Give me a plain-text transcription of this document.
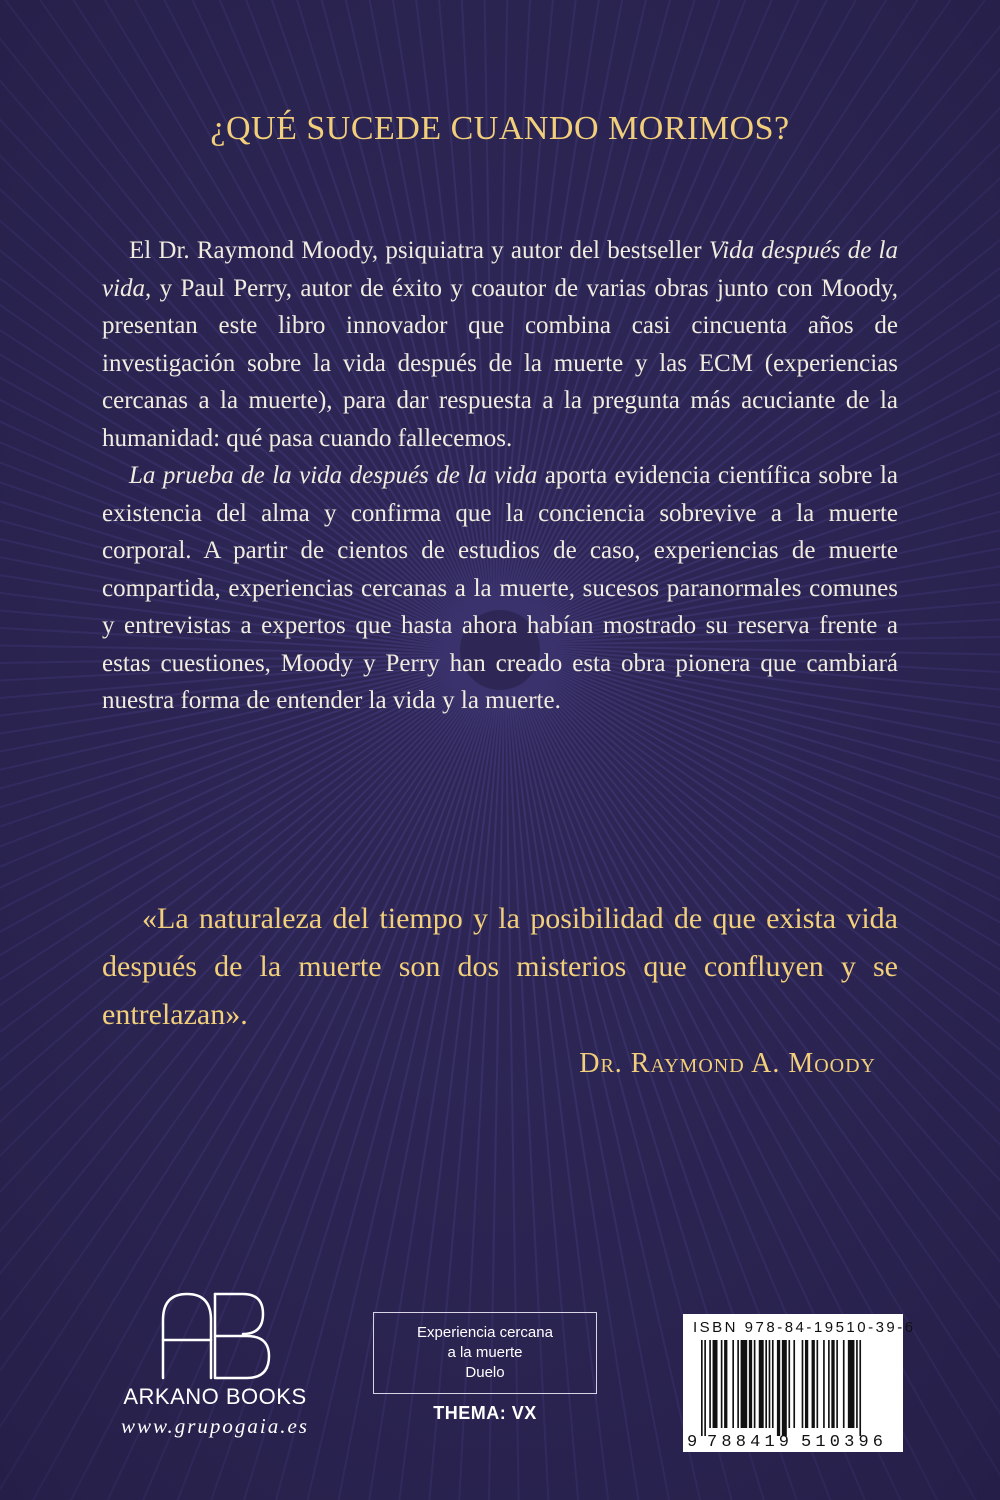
¿QUÉ SUCEDE CUANDO MORIMOS?

El Dr. Raymond Moody, psiquiatra y autor del bestseller Vida después de la vida, y Paul Perry, autor de éxito y coautor de varias obras junto con Moody, presentan este libro innovador que combina casi cincuenta años de investigación sobre la vida después de la muerte y las ECM (experiencias cercanas a la muerte), para dar respuesta a la pregunta más acuciante de la humanidad: qué pasa cuando fallecemos.

La prueba de la vida después de la vida aporta evidencia científica sobre la existencia del alma y confirma que la conciencia sobrevive a la muerte corporal. A partir de cientos de estudios de caso, experiencias de muerte compartida, experiencias cercanas a la muerte, sucesos paranormales comunes y entrevistas a expertos que hasta ahora habían mostrado su reserva frente a estas cuestiones, Moody y Perry han creado esta obra pionera que cambiará nuestra forma de entender la vida y la muerte.

«La naturaleza del tiempo y la posibilidad de que exista vida después de la muerte son dos misterios que confluyen y se entrelazan».

Dr. Raymond A. Moody
ARKANO BOOKS
www.grupogaia.es
Experiencia cercana
a la muerte
Duelo
THEMA: VX
ISBN 978-84-19510-39-6
9 788419 510396
